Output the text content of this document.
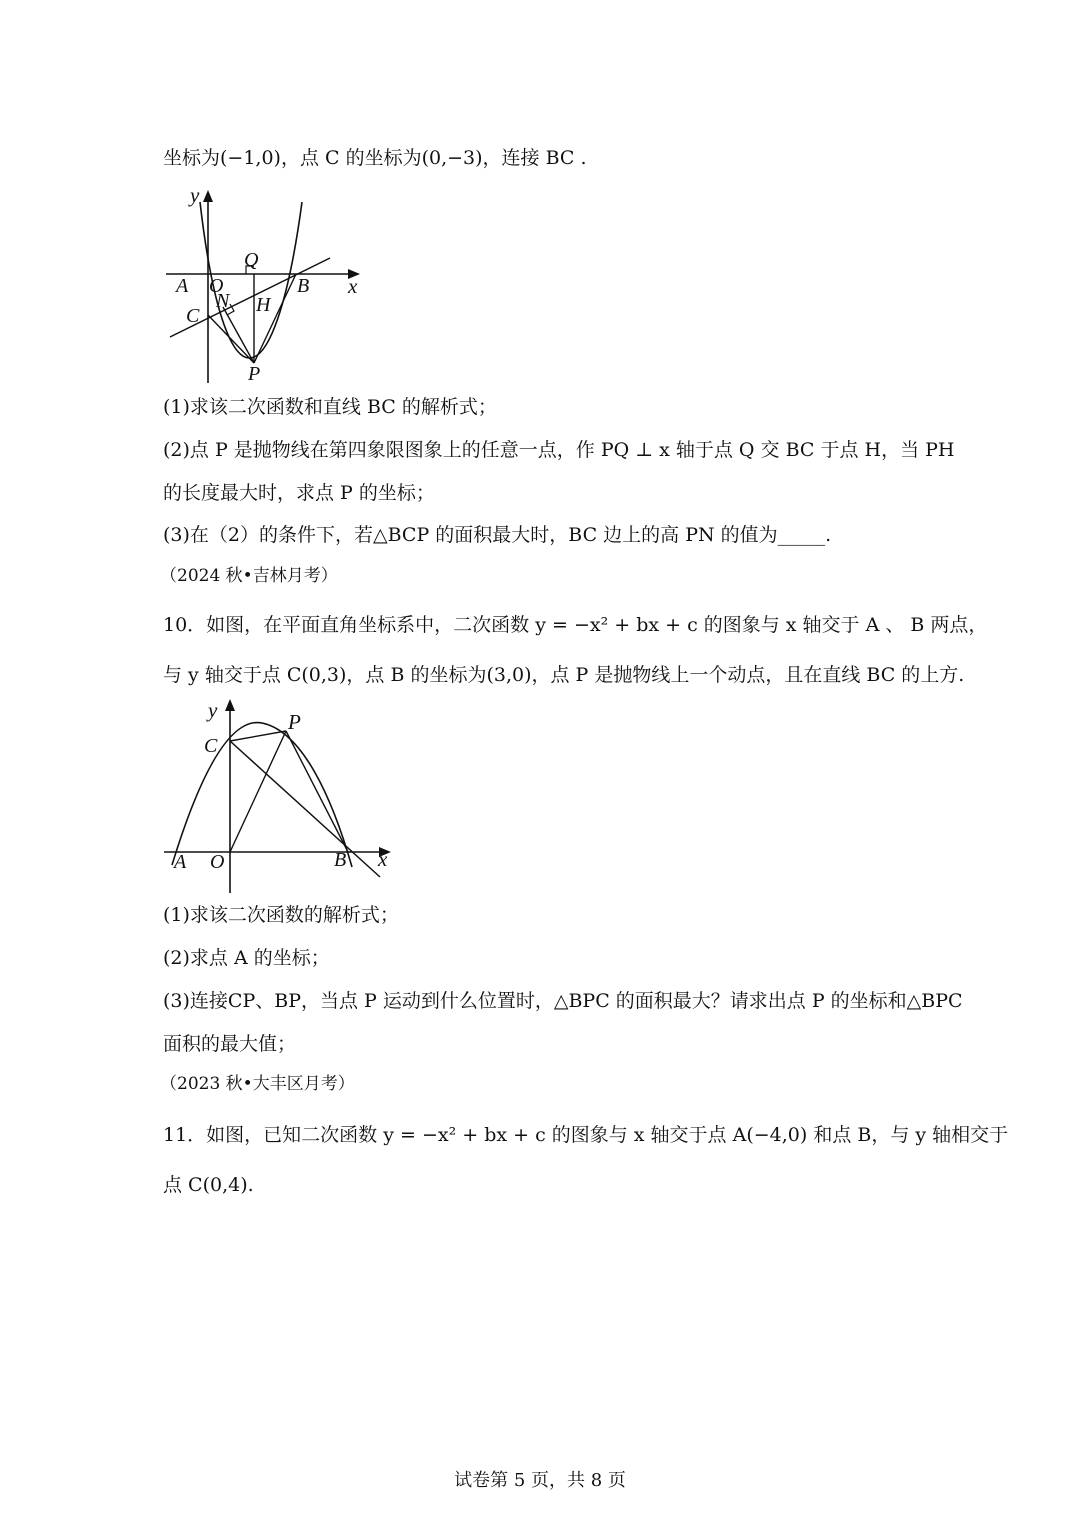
坐标为(−1,0)，点 C 的坐标为(0,−3)，连接 BC .
y
x
A O
Q
B
N H
C
P
(1)求该二次函数和直线 BC 的解析式；
(2)点 P 是抛物线在第四象限图象上的任意一点，作 PQ ⊥ x 轴于点 Q 交 BC 于点 H，当 PH
的长度最大时，求点 P 的坐标；
(3)在（2）的条件下，若△BCP 的面积最大时，BC 边上的高 PN 的值为_____.
（2024 秋•吉林月考）
10．如图，在平面直角坐标系中，二次函数 y = −x² + bx + c 的图象与 x 轴交于 A 、 B 两点，
与 y 轴交于点 C(0,3)，点 B 的坐标为(3,0)，点 P 是抛物线上一个动点，且在直线 BC 的上方.
y	P
C
A O	B x
(1)求该二次函数的解析式；
(2)求点 A 的坐标；
(3)连接CP、BP，当点 P 运动到什么位置时，△BPC 的面积最大？请求出点 P 的坐标和△BPC
面积的最大值；
（2023 秋•大丰区月考）
11．如图，已知二次函数 y = −x² + bx + c 的图象与 x 轴交于点 A(−4,0) 和点 B，与 y 轴相交于
点 C(0,4).
试卷第 5 页，共 8 页
